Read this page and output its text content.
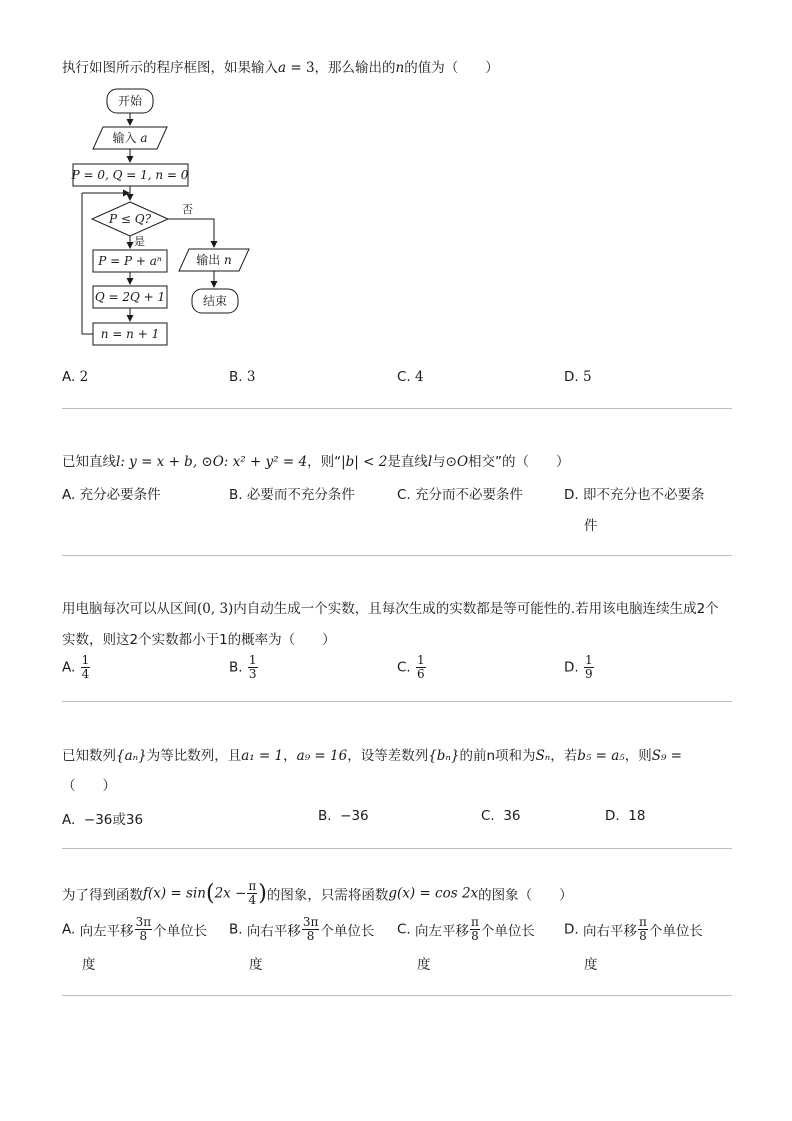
执行如图所示的程序框图，如果输入a = 3，那么输出的n的值为（　　）
开始
输入 a
P = 0, Q = 1, n = 0
P ≤ Q?
是
否
P = P + aⁿ
Q = 2Q + 1
n = n + 1
输出 n
结束
A. 2	B. 3	C. 4	D. 5
已知直线l: y = x + b, ⊙O: x² + y² = 4，则“|b| < 2是直线l与⊙O相交”的（　　）
A. 充分必要条件	B. 必要而不充分条件	C. 充分而不必要条件	D. 即不充分也不必要条
件
用电脑每次可以从区间(0, 3)内自动生成一个实数，且每次生成的实数都是等可能性的.若用该电脑连续生成2个
实数，则这2个实数都小于1的概率为（　　）
A. $\frac{1}{4}$	B. $\frac{1}{3}$	C. $\frac{1}{6}$	D. $\frac{1}{9}$
已知数列{aₙ}为等比数列，且a₁ = 1，a₉ = 16，设等差数列{bₙ}的前n项和为Sₙ，若b₅ = a₅，则S₉ =
（　　）
A. −36或36	B. −36	C. 36	D. 18
为了得到函数$f(x) = \sin(2x - \frac{\pi}{4}$ )的图象，只需将函数g(x) = cos 2x的图象（　　）
A. 向左平移 $\frac{3\pi}{8}$ 个单位长
度
B. 向右平移 $\frac{3\pi}{8}$ 个单位长
度
C. 向左平移 $\frac{\pi}{8}$ 个单位长
度
D. 向右平移 $\frac{\pi}{8}$ 个单位长
度
